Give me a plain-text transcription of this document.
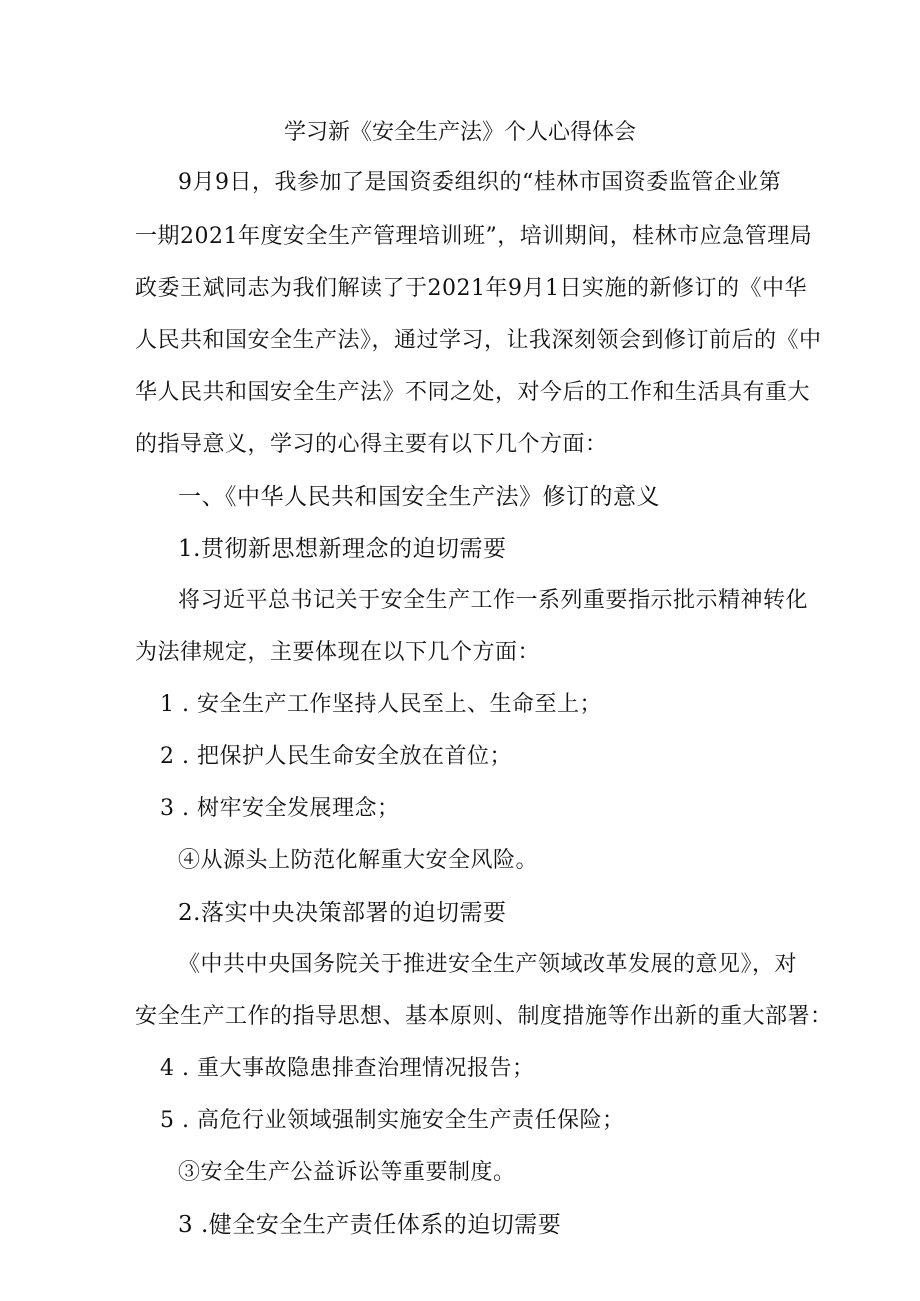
学习新《安全生产法》个人心得体会
9月9日，我参加了是国资委组织的“桂林市国资委监管企业第
一期2021年度安全生产管理培训班”，培训期间，桂林市应急管理局
政委王斌同志为我们解读了于2021年9月1日实施的新修订的《中华
人民共和国安全生产法》，通过学习，让我深刻领会到修订前后的《中
华人民共和国安全生产法》不同之处，对今后的工作和生活具有重大
的指导意义，学习的心得主要有以下几个方面：
一、《中华人民共和国安全生产法》修订的意义
1.贯彻新思想新理念的迫切需要
将习近平总书记关于安全生产工作一系列重要指示批示精神转化
为法律规定，主要体现在以下几个方面：
1 . 安全生产工作坚持人民至上、生命至上；
2 . 把保护人民生命安全放在首位；
3 . 树牢安全发展理念；
④从源头上防范化解重大安全风险。
2.落实中央决策部署的迫切需要
《中共中央国务院关于推进安全生产领域改革发展的意见》，对
安全生产工作的指导思想、基本原则、制度措施等作出新的重大部署：
4 . 重大事故隐患排查治理情况报告；
5 . 高危行业领域强制实施安全生产责任保险；
③安全生产公益诉讼等重要制度。
3 .健全安全生产责任体系的迫切需要
